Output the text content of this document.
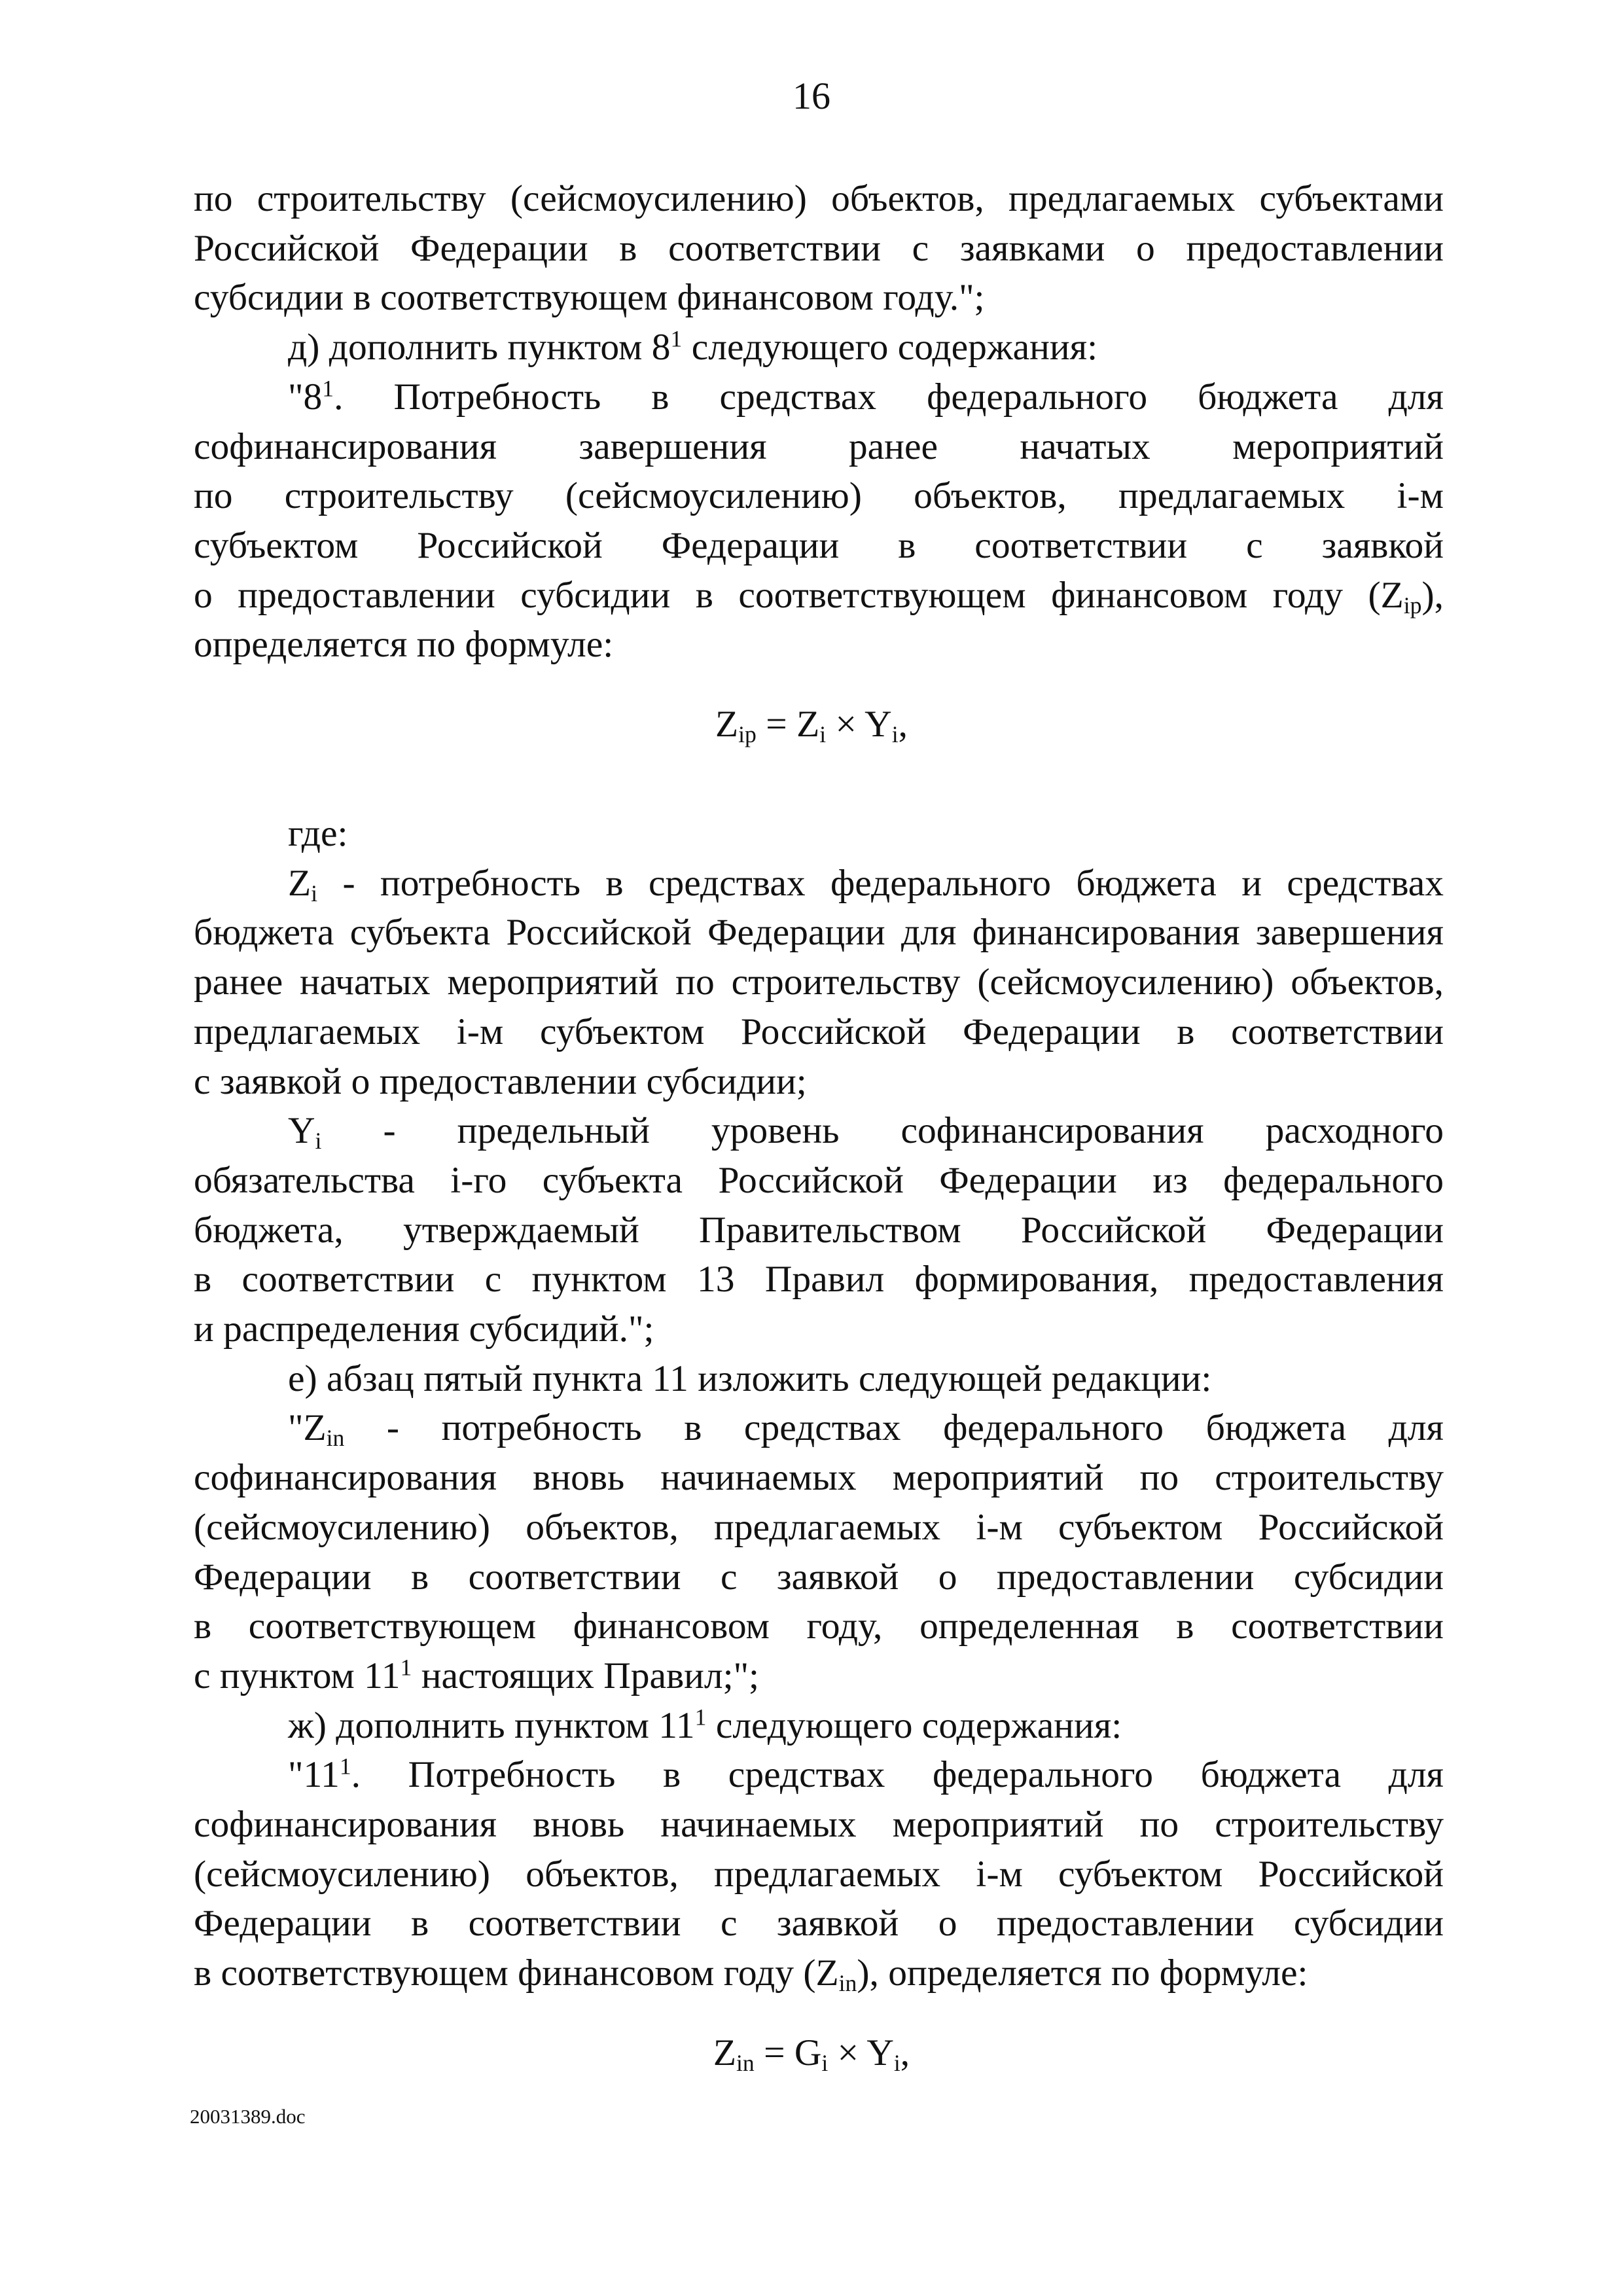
16

по строительству (сейсмоусилению) объектов, предлагаемых субъектами

Российской Федерации в соответствии с заявками о предоставлении

субсидии в соответствующем финансовом году.";

д) дополнить пунктом $8^1$ следующего содержания:

"$8^1$. Потребность в средствах федерального бюджета для

софинансирования завершения ранее начатых мероприятий

по строительству (сейсмоусилению) объектов, предлагаемых i-м

субъектом Российской Федерации в соответствии с заявкой

о предоставлении субсидии в соответствующем финансовом году $(Z_{ip})$,

определяется по формуле:

$Z_{ip} = Z_i \times Y_i$,

где:

$Z_i$ - потребность в средствах федерального бюджета и средствах

бюджета субъекта Российской Федерации для финансирования завершения

ранее начатых мероприятий по строительству (сейсмоусилению) объектов,

предлагаемых i-м субъектом Российской Федерации в соответствии

с заявкой о предоставлении субсидии;

$Y_i$ - предельный уровень софинансирования расходного

обязательства i-го субъекта Российской Федерации из федерального

бюджета, утверждаемый Правительством Российской Федерации

в соответствии с пунктом 13 Правил формирования, предоставления

и распределения субсидий.";

е) абзац пятый пункта 11 изложить следующей редакции:

"$Z_{in}$ - потребность в средствах федерального бюджета для

софинансирования вновь начинаемых мероприятий по строительству

(сейсмоусилению) объектов, предлагаемых i-м субъектом Российской

Федерации в соответствии с заявкой о предоставлении субсидии

в соответствующем финансовом году, определенная в соответствии

с пунктом $11^1$ настоящих Правил;";

ж) дополнить пунктом $11^1$ следующего содержания:

"$11^1$. Потребность в средствах федерального бюджета для

софинансирования вновь начинаемых мероприятий по строительству

(сейсмоусилению) объектов, предлагаемых i-м субъектом Российской

Федерации в соответствии с заявкой о предоставлении субсидии

в соответствующем финансовом году $(Z_{in})$, определяется по формуле:

$Z_{in} = G_i \times Y_i$,
20031389.doc
